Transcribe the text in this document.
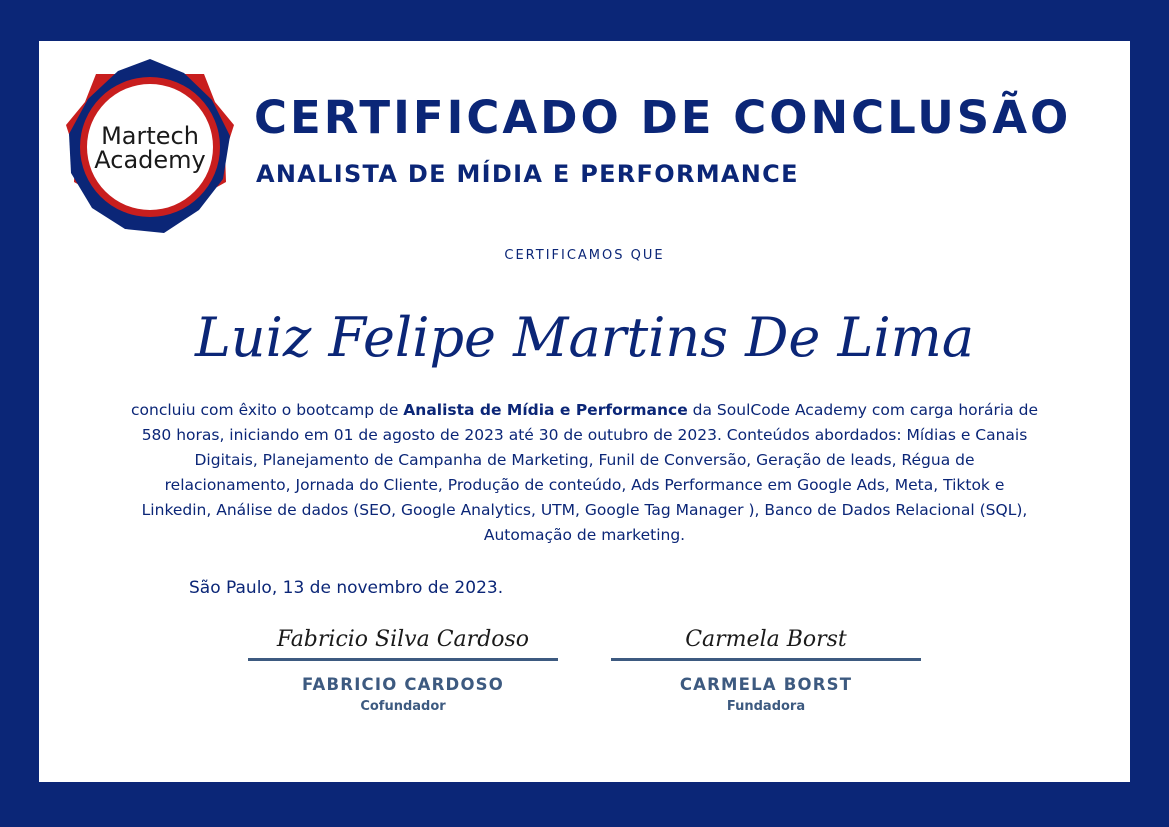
Martech
Academy
CERTIFICADO DE CONCLUSÃO
ANALISTA DE MÍDIA E PERFORMANCE
CERTIFICAMOS QUE
Luiz Felipe Martins De Lima

concluiu com êxito o bootcamp de Analista de Mídia e Performance da SoulCode Academy com carga horária de 580 horas, iniciando em 01 de agosto de 2023 até 30 de outubro de 2023. Conteúdos abordados: Mídias e Canais Digitais, Planejamento de Campanha de Marketing, Funil de Conversão, Geração de leads, Régua de relacionamento, Jornada do Cliente, Produção de conteúdo, Ads Performance em Google Ads, Meta, Tiktok e Linkedin, Análise de dados (SEO, Google Analytics, UTM, Google Tag Manager ), Banco de Dados Relacional (SQL), Automação de marketing.

São Paulo, 13 de novembro de 2023.
Fabricio Silva Cardoso
FABRICIO CARDOSO
Cofundador
Carmela Borst
CARMELA BORST
Fundadora
